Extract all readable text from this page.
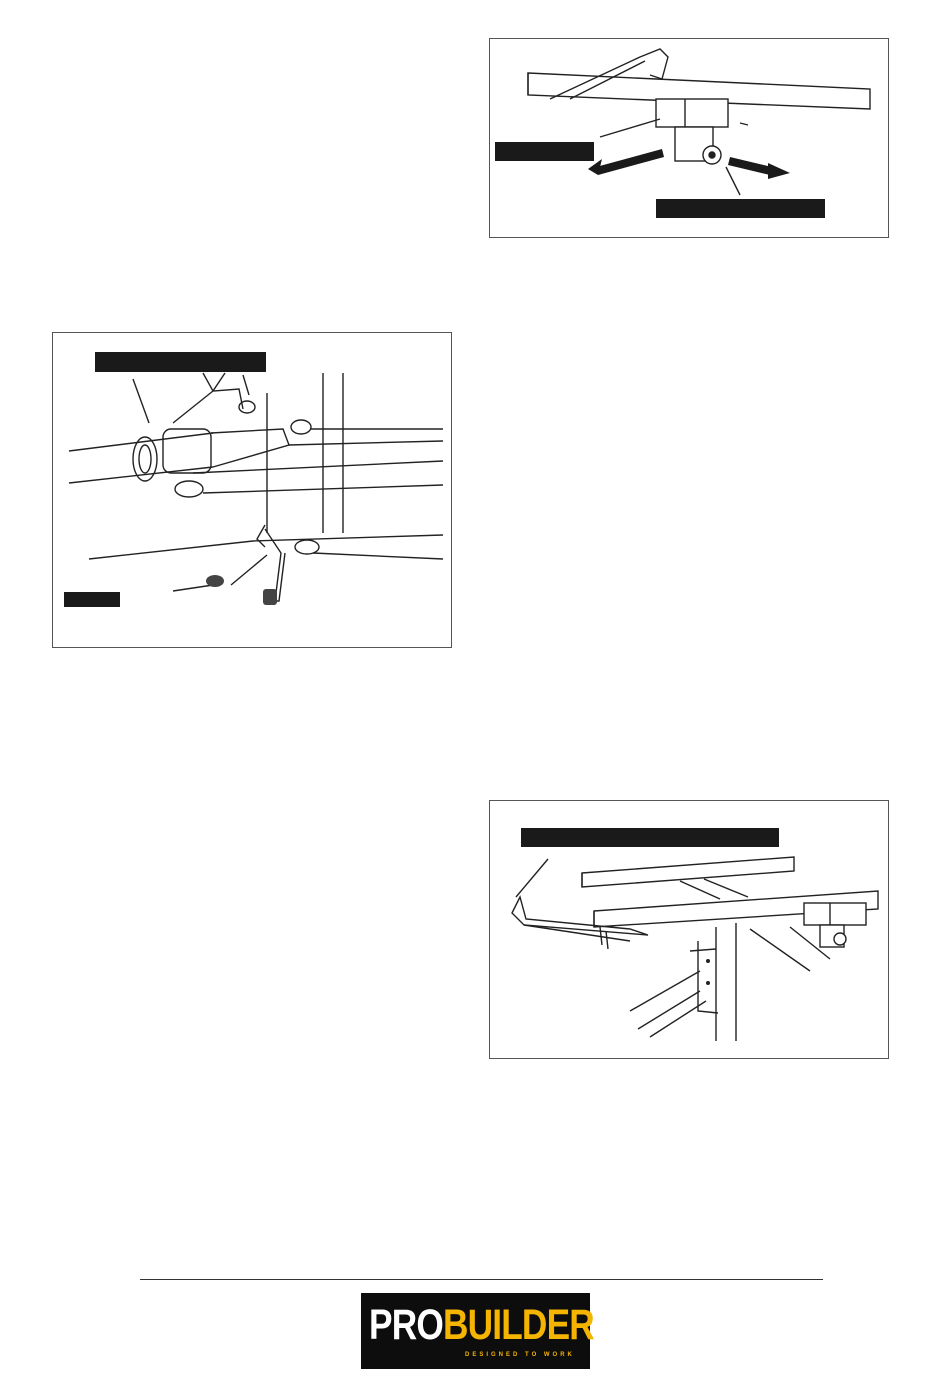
PROBUILDER
DESIGNED TO WORK
